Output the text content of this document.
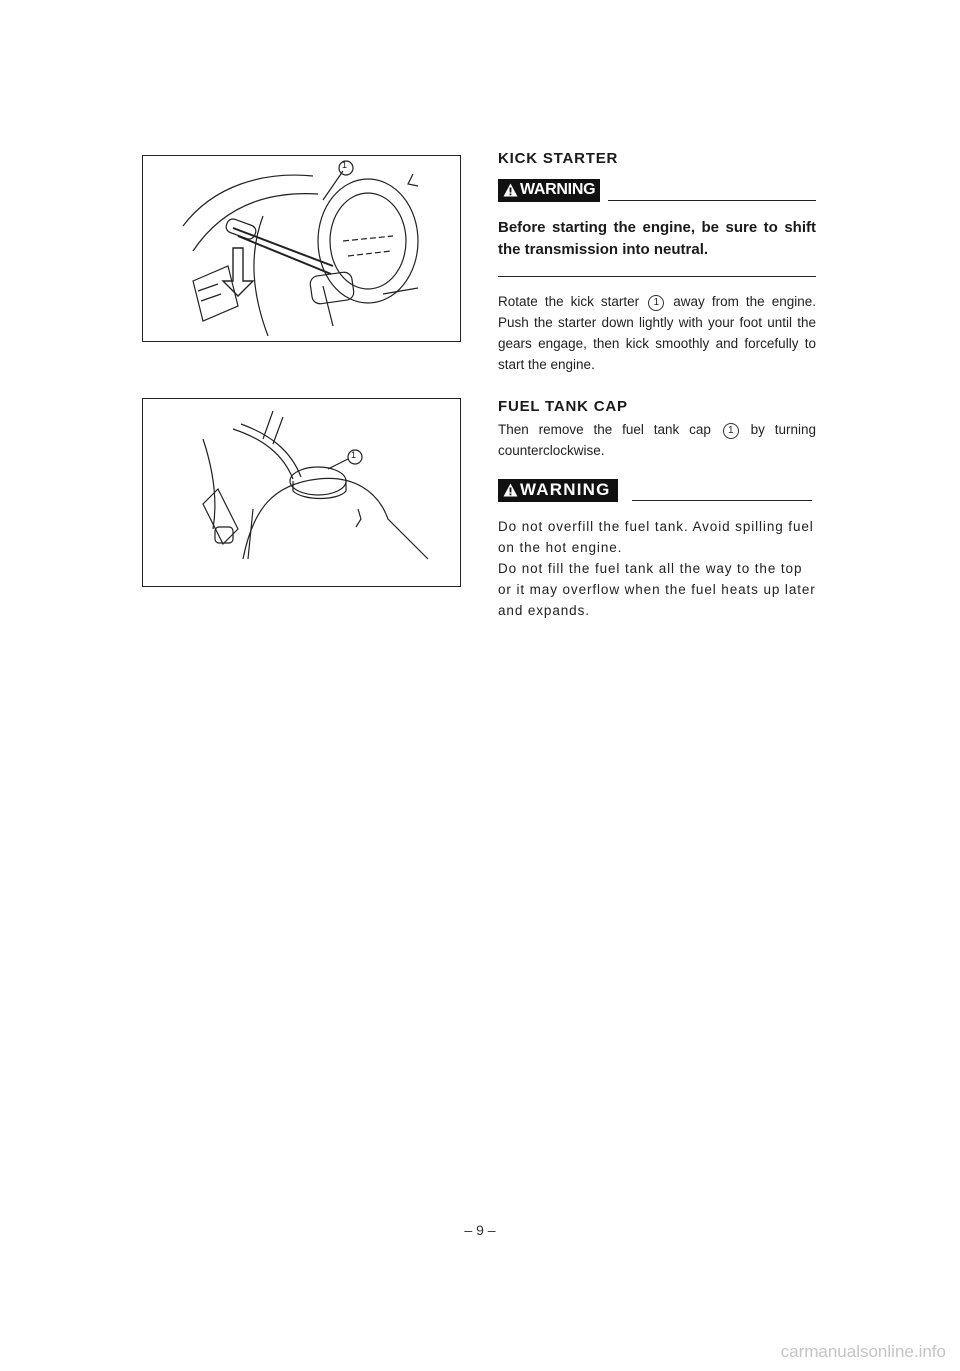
1
1
KICK STARTER
WARNING

Before starting the engine, be sure to shift the transmission into neutral.

Rotate the kick starter 1 away from the engine. Push the starter down lightly with your foot until the gears engage, then kick smoothly and forcefully to start the engine.

FUEL TANK CAP

Then remove the fuel tank cap 1 by turning counterclockwise.

WARNING

Do not overfill the fuel tank. Avoid spilling fuel on the hot engine.

Do not fill the fuel tank all the way to the top or it may overflow when the fuel heats up later and expands.

– 9 –
carmanualsonline.info
